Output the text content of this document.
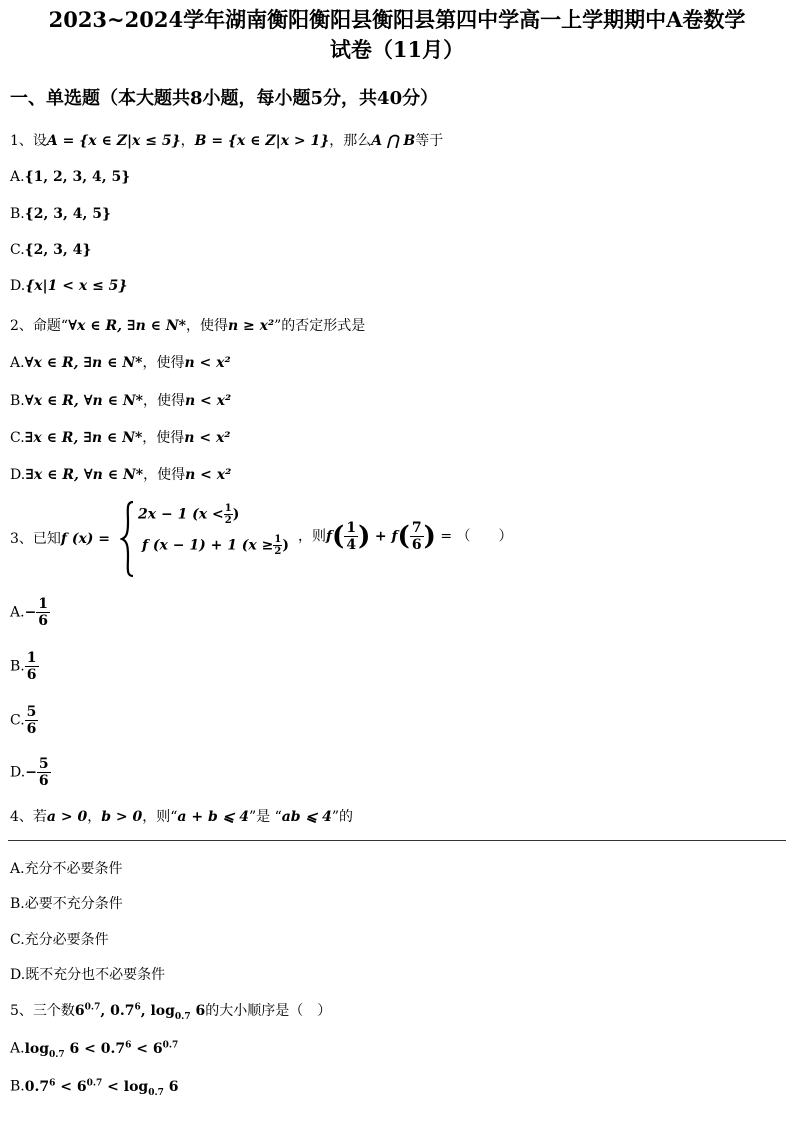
2023~2024学年湖南衡阳衡阳县衡阳县第四中学高一上学期期中A卷数学
试卷（11月）
一、单选题（本大题共8小题，每小题5分，共40分）
1、设A = {x ∈ Z|x ≤ 5}，B = {x ∈ Z|x > 1}，那么A ⋂ B等于
A.{1, 2, 3, 4, 5}
B.{2, 3, 4, 5}
C.{2, 3, 4}
D.{x|1 < x ≤ 5}
2、命题“∀x ∈ R, ∃n ∈ N*，使得n ≥ x²”的否定形式是
A.∀x ∈ R, ∃n ∈ N*，使得n < x²
B.∀x ∈ R, ∀n ∈ N*，使得n < x²
C.∃x ∈ R, ∃n ∈ N*，使得n < x²
D.∃x ∈ R, ∀n ∈ N*，使得n < x²
3、已知f (x) =
2x − 1 ($x < \frac{1}{2}$ )
f (x − 1) + 1 ($x \ge \frac{1}{2}$ )
，则$f( \frac{1}{4}$ ) + $f( \frac{7}{6}$ ) = （　　）
$A.- \frac{1}{6}$
B. $\frac{1}{6}$
C. $\frac{5}{6}$
$D.- \frac{5}{6}$
4、若a > 0，b > 0，则“a + b ⩽ 4”是 “ab ⩽ 4”的
A.充分不必要条件
B.必要不充分条件
C.充分必要条件
D.既不充分也不必要条件
5、三个数$6^{0.7}$, $0.7^6$, $\log_{0.7} 6$的大小顺序是（　）
$A.\log_{0.7}$ $6 < 0.7^6 < 6^{0.7}$
$B.0.7^6 < 6^{0.7} < \log_{0.7} 6$
